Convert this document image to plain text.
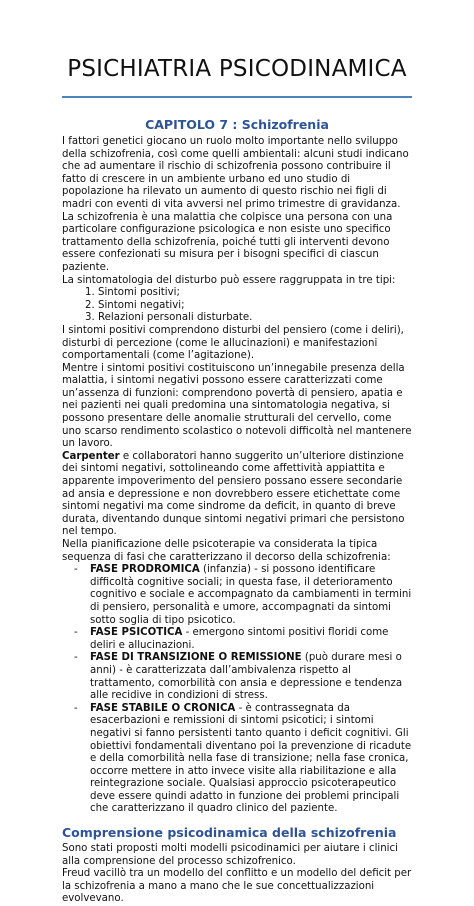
PSICHIATRIA PSICODINAMICA
CAPITOLO 7 : Schizofrenia

I fattori genetici giocano un ruolo molto importante nello sviluppo della schizofrenia, così come quelli ambientali: alcuni studi indicano che ad aumentare il rischio di schizofrenia possono contribuire il fatto di crescere in un ambiente urbano ed uno studio di popolazione ha rilevato un aumento di questo rischio nei figli di madri con eventi di vita avversi nel primo trimestre di gravidanza.

La schizofrenia è una malattia che colpisce una persona con una particolare configurazione psicologica e non esiste uno specifico trattamento della schizofrenia, poiché tutti gli interventi devono essere confezionati su misura per i bisogni specifici di ciascun paziente.

La sintomatologia del disturbo può essere raggruppata in tre tipi:

1. Sintomi positivi;
2. Sintomi negativi;
3. Relazioni personali disturbate.

I sintomi positivi comprendono disturbi del pensiero (come i deliri), disturbi di percezione (come le allucinazioni) e manifestazioni comportamentali (come l’agitazione).

Mentre i sintomi positivi costituiscono un’innegabile presenza della malattia, i sintomi negativi possono essere caratterizzati come un’assenza di funzioni: comprendono povertà di pensiero, apatia e nei pazienti nei quali predomina una sintomatologia negativa, si possono presentare delle anomalie strutturali del cervello, come uno scarso rendimento scolastico o notevoli difficoltà nel mantenere un lavoro.

Carpenter e collaboratori hanno suggerito un’ulteriore distinzione dei sintomi negativi, sottolineando come affettività appiattita e apparente impoverimento del pensiero possano essere secondarie ad ansia e depressione e non dovrebbero essere etichettate come sintomi negativi ma come sindrome da deficit, in quanto di breve durata, diventando dunque sintomi negativi primari che persistono nel tempo.

Nella pianificazione delle psicoterapie va considerata la tipica sequenza di fasi che caratterizzano il decorso della schizofrenia:

- FASE PRODROMICA (infanzia) - si possono identificare difficoltà cognitive sociali; in questa fase, il deterioramento cognitivo e sociale e accompagnato da cambiamenti in termini di pensiero, personalità e umore, accompagnati da sintomi sotto soglia di tipo psicotico.
- FASE PSICOTICA - emergono sintomi positivi floridi come deliri e allucinazioni.
- FASE DI TRANSIZIONE O REMISSIONE (può durare mesi o anni) - è caratterizzata dall’ambivalenza rispetto al trattamento, comorbilità con ansia e depressione e tendenza alle recidive in condizioni di stress.
- FASE STABILE O CRONICA - è contrassegnata da esacerbazioni e remissioni di sintomi psicotici; i sintomi negativi si fanno persistenti tanto quanto i deficit cognitivi. Gli obiettivi fondamentali diventano poi la prevenzione di ricadute e della comorbilità nella fase di transizione; nella fase cronica, occorre mettere in atto invece visite alla riabilitazione e alla reintegrazione sociale. Qualsiasi approccio psicoterapeutico deve essere quindi adatto in funzione dei problemi principali che caratterizzano il quadro clinico del paziente.
Comprensione psicodinamica della schizofrenia

Sono stati proposti molti modelli psicodinamici per aiutare i clinici alla comprensione del processo schizofrenico.

Freud vacillò tra un modello del conflitto e un modello del deficit per la schizofrenia a mano a mano che le sue concettualizzazioni evolvevano.
